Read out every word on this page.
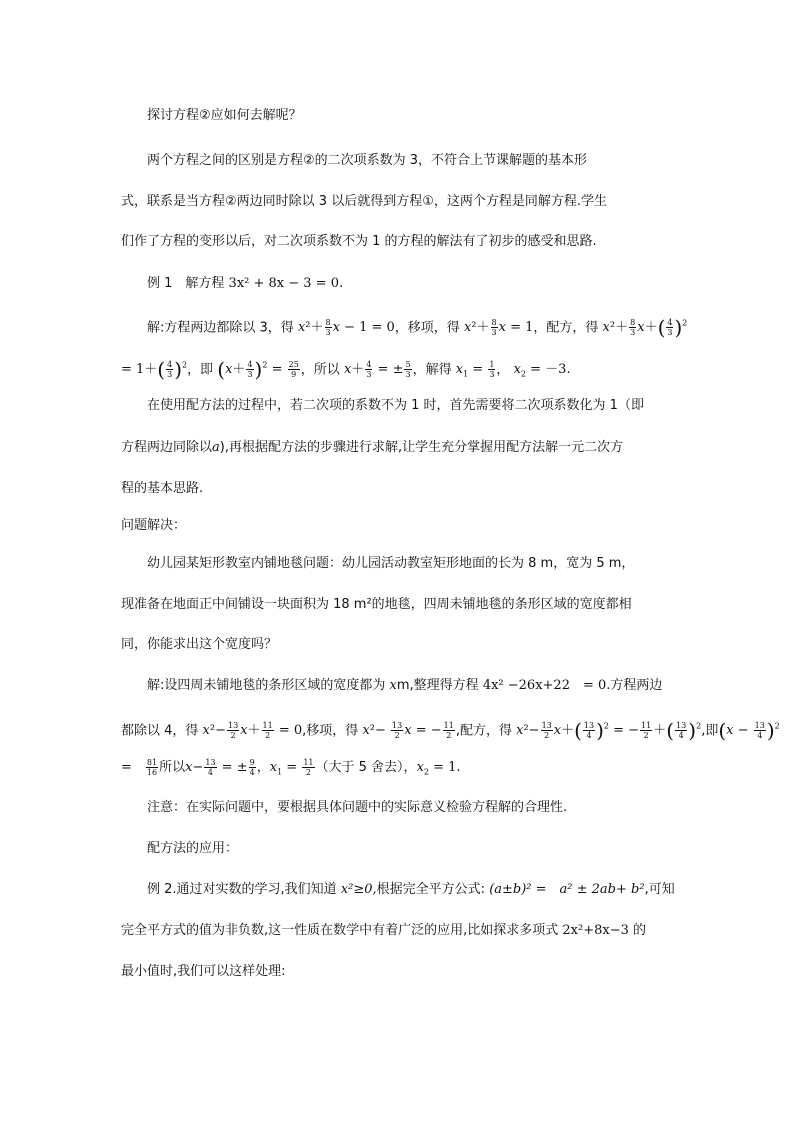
探讨方程②应如何去解呢？
两个方程之间的区别是方程②的二次项系数为 3，不符合上节课解题的基本形
式，联系是当方程②两边同时除以 3 以后就得到方程①，这两个方程是同解方程.学生
们作了方程的变形以后，对二次项系数不为 1 的方程的解法有了初步的感受和思路.
例 1　解方程 3x² + 8x − 3 = 0.
解:方程两边都除以 3，得 $x^2+ \frac{8}{3}$ x − 1 = 0，移项，得 $x^2+ \frac{8}{3}$ x = 1，配方，得 $x^2+ \frac{8}{3} x+( \frac{4}{3} )^2$
= $1+( \frac{4}{3} )^2$，即 $(x+ \frac{4}{3} )^2 = \frac{25}{9}$ ，所以 $x+ \frac{4}{3}$ = ± $\frac{5}{3}$ ，解得 $x_1 = \frac{1}{3}$ ， $x_2 = -3$.
在使用配方法的过程中，若二次项的系数不为 1 时，首先需要将二次项系数化为 1（即
方程两边同除以a),再根据配方法的步骤进行求解,让学生充分掌握用配方法解一元二次方
程的基本思路.
问题解决：
幼儿园某矩形教室内铺地毯问题：幼儿园活动教室矩形地面的长为 8 m，宽为 5 m，
现准备在地面正中间铺设一块面积为 18 m²的地毯，四周未铺地毯的条形区域的宽度都相
同，你能求出这个宽度吗？
解:设四周未铺地毯的条形区域的宽度都为 xm,整理得方程 4x² −26x+22　= 0.方程两边
都除以 4，得 $x^2- \frac{13}{2} x+ \frac{11}{2} = 0$,移项，得 $x^2- \frac{13}{2}$ x = − $\frac{11}{2}$ ,配方，得 $x^2- \frac{13}{2} x+( \frac{13}{4} )^2$ = − $\frac{11}{2}$ ＋( $\frac{13}{4} )^2$,即$(x - \frac{13}{4} )^2$
=　 $\frac{81}{16}$ 所以$x- \frac{13}{4}$ = ± $\frac{9}{4}$ ，$x_1 = \frac{11}{2}$ （大于 5 舍去），$x_2 = 1$.
注意：在实际问题中，要根据具体问题中的实际意义检验方程解的合理性.
配方法的应用：
例 2.通过对实数的学习,我们知道 x²≥0,根据完全平方公式: (a±b)² =　a² ± 2ab+ b²,可知
完全平方式的值为非负数,这一性质在数学中有着广泛的应用,比如探求多项式 2x²+8x−3 的
最小值时,我们可以这样处理:
